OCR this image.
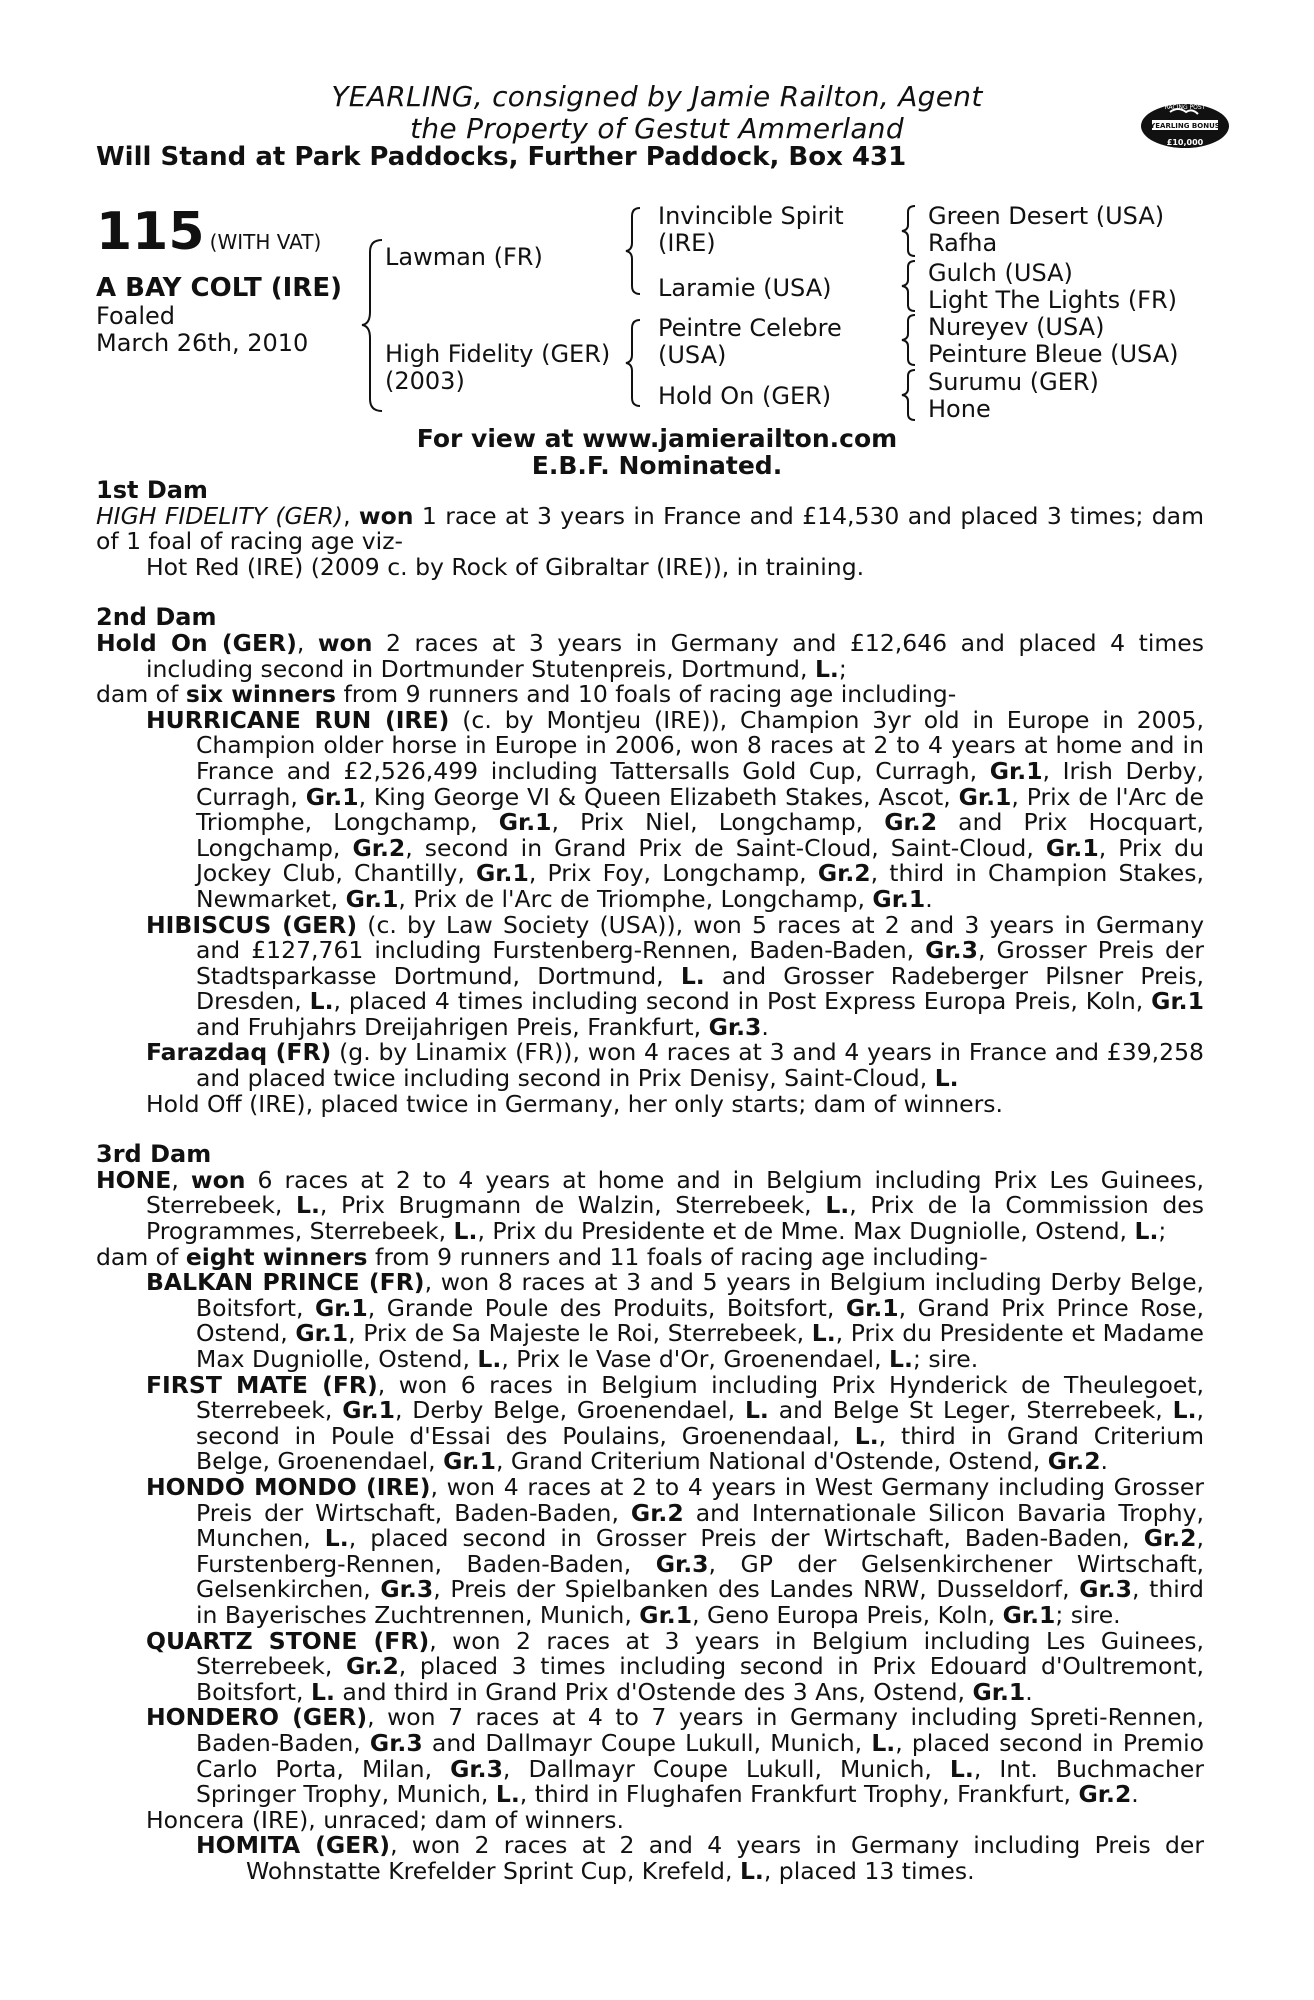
YEARLING, consigned by Jamie Railton, Agent
the Property of Gestut Ammerland
Will Stand at Park Paddocks, Further Paddock, Box 431
RACING POST
YEARLING BONUS
£10,000
115 (WITH VAT)
A BAY COLT (IRE)
Foaled
March 26th, 2010
Lawman (FR)
High Fidelity (GER)
(2003)
Invincible Spirit
(IRE)
Laramie (USA)
Peintre Celebre
(USA)
Hold On (GER)
Green Desert (USA)
Rafha
Gulch (USA)
Light The Lights (FR)
Nureyev (USA)
Peinture Bleue (USA)
Surumu (GER)
Hone
For view at www.jamierailton.com
E.B.F. Nominated.
1st Dam

HIGH FIDELITY (GER), won 1 race at 3 years in France and £14,530 and placed 3 times; dam of 1 foal of racing age viz-

Hot Red (IRE) (2009 c. by Rock of Gibraltar (IRE)), in training.

2nd Dam

Hold On (GER), won 2 races at 3 years in Germany and £12,646 and placed 4 times including second in Dortmunder Stutenpreis, Dortmund, L.;

dam of six winners from 9 runners and 10 foals of racing age including-

HURRICANE RUN (IRE) (c. by Montjeu (IRE)), Champion 3yr old in Europe in 2005, Champion older horse in Europe in 2006, won 8 races at 2 to 4 years at home and in France and £2,526,499 including Tattersalls Gold Cup, Curragh, Gr.1, Irish Derby, Curragh, Gr.1, King George VI & Queen Elizabeth Stakes, Ascot, Gr.1, Prix de l'Arc de Triomphe, Longchamp, Gr.1, Prix Niel, Longchamp, Gr.2 and Prix Hocquart, Longchamp, Gr.2, second in Grand Prix de Saint-Cloud, Saint-Cloud, Gr.1, Prix du Jockey Club, Chantilly, Gr.1, Prix Foy, Longchamp, Gr.2, third in Champion Stakes, Newmarket, Gr.1, Prix de l'Arc de Triomphe, Longchamp, Gr.1.

HIBISCUS (GER) (c. by Law Society (USA)), won 5 races at 2 and 3 years in Germany and £127,761 including Furstenberg-Rennen, Baden-Baden, Gr.3, Grosser Preis der Stadtsparkasse Dortmund, Dortmund, L. and Grosser Radeberger Pilsner Preis, Dresden, L., placed 4 times including second in Post Express Europa Preis, Koln, Gr.1 and Fruhjahrs Dreijahrigen Preis, Frankfurt, Gr.3.

Farazdaq (FR) (g. by Linamix (FR)), won 4 races at 3 and 4 years in France and £39,258 and placed twice including second in Prix Denisy, Saint-Cloud, L.

Hold Off (IRE), placed twice in Germany, her only starts; dam of winners.

3rd Dam

HONE, won 6 races at 2 to 4 years at home and in Belgium including Prix Les Guinees, Sterrebeek, L., Prix Brugmann de Walzin, Sterrebeek, L., Prix de la Commission des Programmes, Sterrebeek, L., Prix du Presidente et de Mme. Max Dugniolle, Ostend, L.;

dam of eight winners from 9 runners and 11 foals of racing age including-

BALKAN PRINCE (FR), won 8 races at 3 and 5 years in Belgium including Derby Belge, Boitsfort, Gr.1, Grande Poule des Produits, Boitsfort, Gr.1, Grand Prix Prince Rose, Ostend, Gr.1, Prix de Sa Majeste le Roi, Sterrebeek, L., Prix du Presidente et Madame Max Dugniolle, Ostend, L., Prix le Vase d'Or, Groenendael, L.; sire.

FIRST MATE (FR), won 6 races in Belgium including Prix Hynderick de Theulegoet, Sterrebeek, Gr.1, Derby Belge, Groenendael, L. and Belge St Leger, Sterrebeek, L., second in Poule d'Essai des Poulains, Groenendaal, L., third in Grand Criterium Belge, Groenendael, Gr.1, Grand Criterium National d'Ostende, Ostend, Gr.2.

HONDO MONDO (IRE), won 4 races at 2 to 4 years in West Germany including Grosser Preis der Wirtschaft, Baden-Baden, Gr.2 and Internationale Silicon Bavaria Trophy, Munchen, L., placed second in Grosser Preis der Wirtschaft, Baden-Baden, Gr.2, Furstenberg-Rennen, Baden-Baden, Gr.3, GP der Gelsenkirchener Wirtschaft, Gelsenkirchen, Gr.3, Preis der Spielbanken des Landes NRW, Dusseldorf, Gr.3, third in Bayerisches Zuchtrennen, Munich, Gr.1, Geno Europa Preis, Koln, Gr.1; sire.

QUARTZ STONE (FR), won 2 races at 3 years in Belgium including Les Guinees, Sterrebeek, Gr.2, placed 3 times including second in Prix Edouard d'Oultremont, Boitsfort, L. and third in Grand Prix d'Ostende des 3 Ans, Ostend, Gr.1.

HONDERO (GER), won 7 races at 4 to 7 years in Germany including Spreti-Rennen, Baden-Baden, Gr.3 and Dallmayr Coupe Lukull, Munich, L., placed second in Premio Carlo Porta, Milan, Gr.3, Dallmayr Coupe Lukull, Munich, L., Int. Buchmacher Springer Trophy, Munich, L., third in Flughafen Frankfurt Trophy, Frankfurt, Gr.2.

Honcera (IRE), unraced; dam of winners.

HOMITA (GER), won 2 races at 2 and 4 years in Germany including Preis der Wohnstatte Krefelder Sprint Cup, Krefeld, L., placed 13 times.
